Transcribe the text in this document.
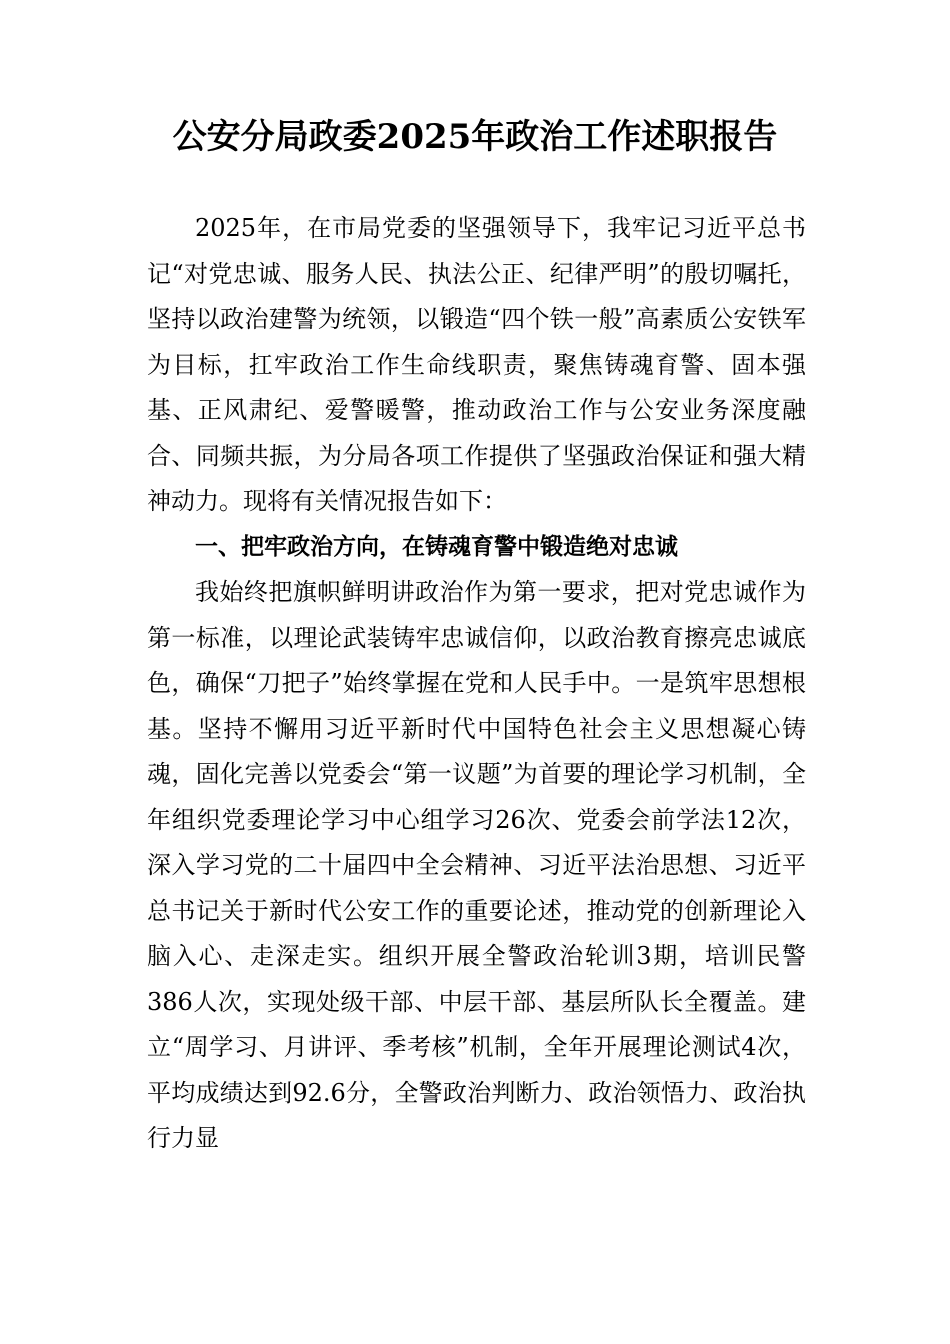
公安分局政委2025年政治工作述职报告

2025年，在市局党委的坚强领导下，我牢记习近平总书记“对党忠诚、服务人民、执法公正、纪律严明”的殷切嘱托，坚持以政治建警为统领，以锻造“四个铁一般”高素质公安铁军为目标，扛牢政治工作生命线职责，聚焦铸魂育警、固本强基、正风肃纪、爱警暖警，推动政治工作与公安业务深度融合、同频共振，为分局各项工作提供了坚强政治保证和强大精神动力。现将有关情况报告如下：

一、把牢政治方向，在铸魂育警中锻造绝对忠诚

我始终把旗帜鲜明讲政治作为第一要求，把对党忠诚作为第一标准，以理论武装铸牢忠诚信仰，以政治教育擦亮忠诚底色，确保“刀把子”始终掌握在党和人民手中。一是筑牢思想根基。坚持不懈用习近平新时代中国特色社会主义思想凝心铸魂，固化完善以党委会“第一议题”为首要的理论学习机制，全年组织党委理论学习中心组学习26次、党委会前学法12次，深入学习党的二十届四中全会精神、习近平法治思想、习近平总书记关于新时代公安工作的重要论述，推动党的创新理论入脑入心、走深走实。组织开展全警政治轮训3期，培训民警386人次，实现处级干部、中层干部、基层所队长全覆盖。建立“周学习、月讲评、季考核”机制，全年开展理论测试4次，平均成绩达到92.6分，全警政治判断力、政治领悟力、政治执行力显
